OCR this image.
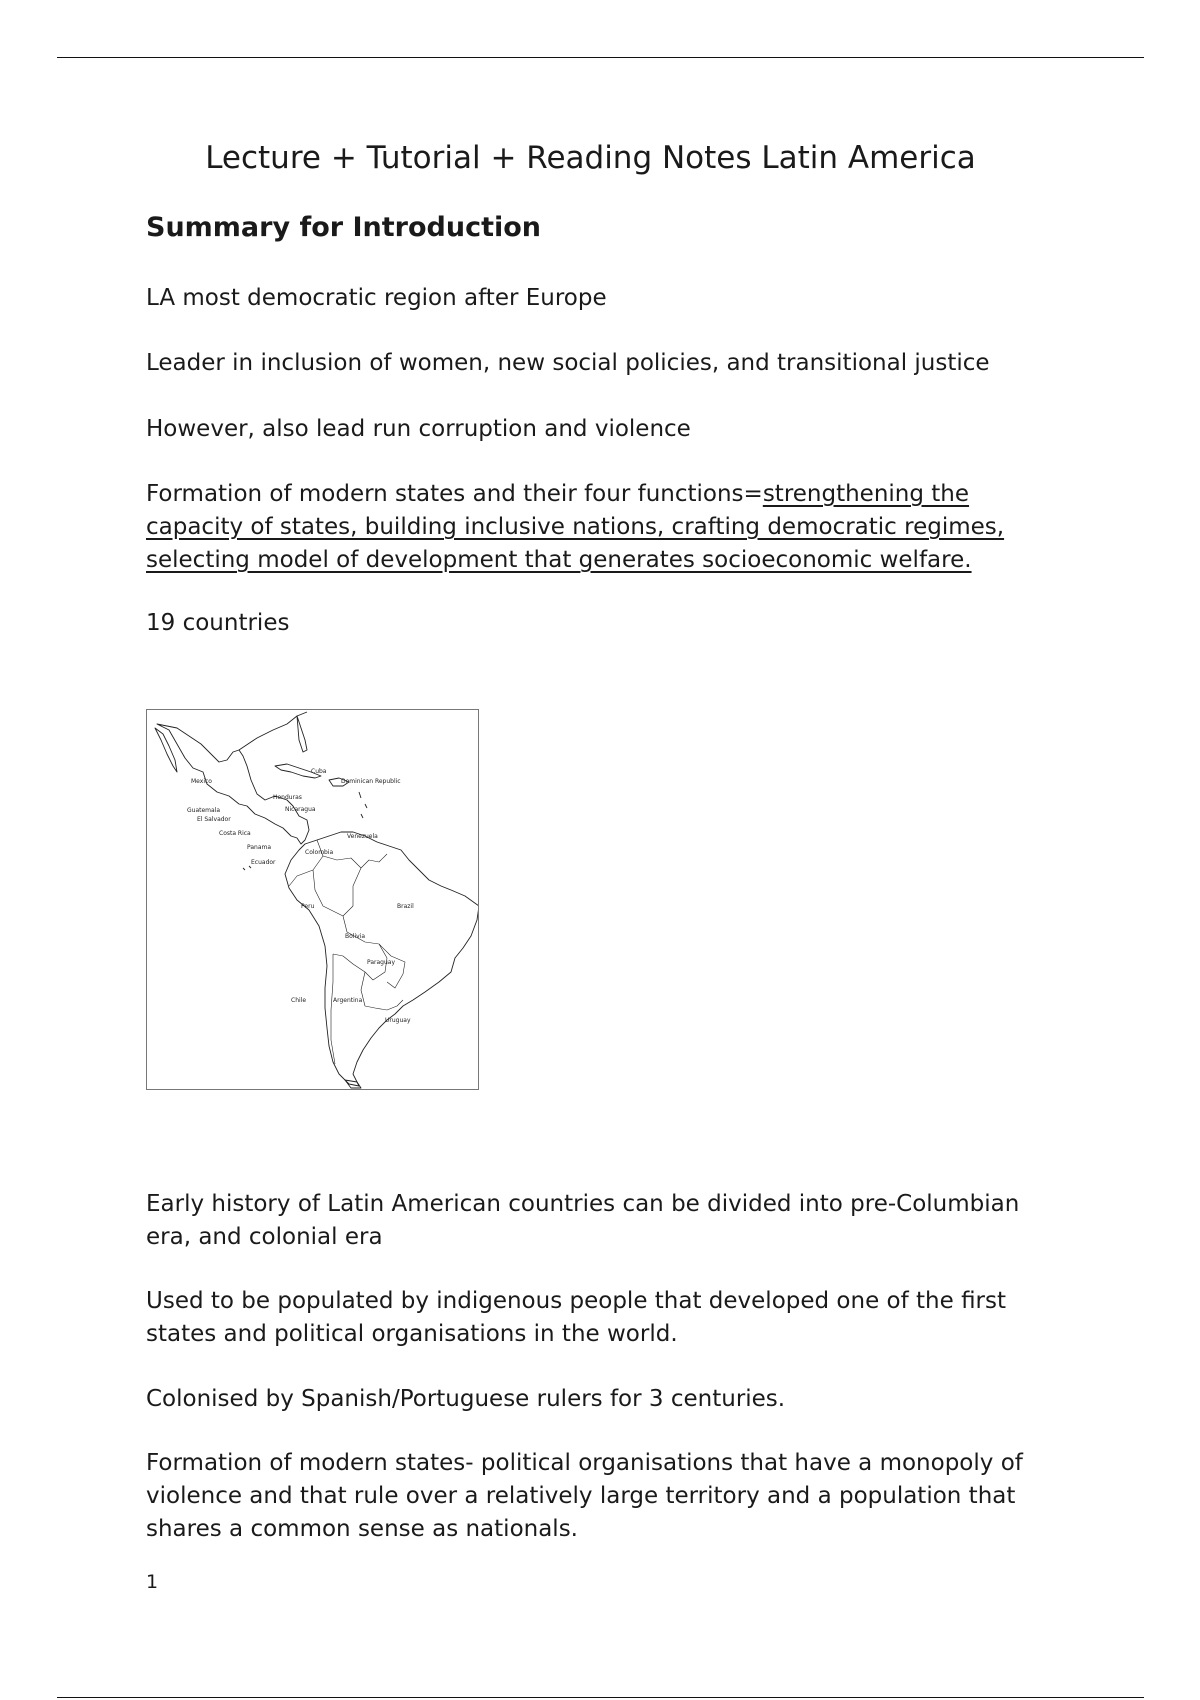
Lecture + Tutorial + Reading Notes Latin America
Summary for Introduction

LA most democratic region after Europe

Leader in inclusion of women, new social policies, and transitional justice

However, also lead run corruption and violence

Formation of modern states and their four functions=strengthening the capacity of states, building inclusive nations, crafting democratic regimes, selecting model of development that generates socioeconomic welfare.

19 countries

Mexico
Cuba
Dominican Republic
Honduras
Nicaragua
Guatemala
El Salvador
Costa Rica
Panama
Venezuela
Colombia
Ecuador
Peru	Brazil
Bolivia
Paraguay
Chile	Argentina
Uruguay

Early history of Latin American countries can be divided into pre-Columbian era, and colonial era

Used to be populated by indigenous people that developed one of the first states and political organisations in the world.

Colonised by Spanish/Portuguese rulers for 3 centuries.

Formation of modern states- political organisations that have a monopoly of violence and that rule over a relatively large territory and a population that shares a common sense as nationals.

1
